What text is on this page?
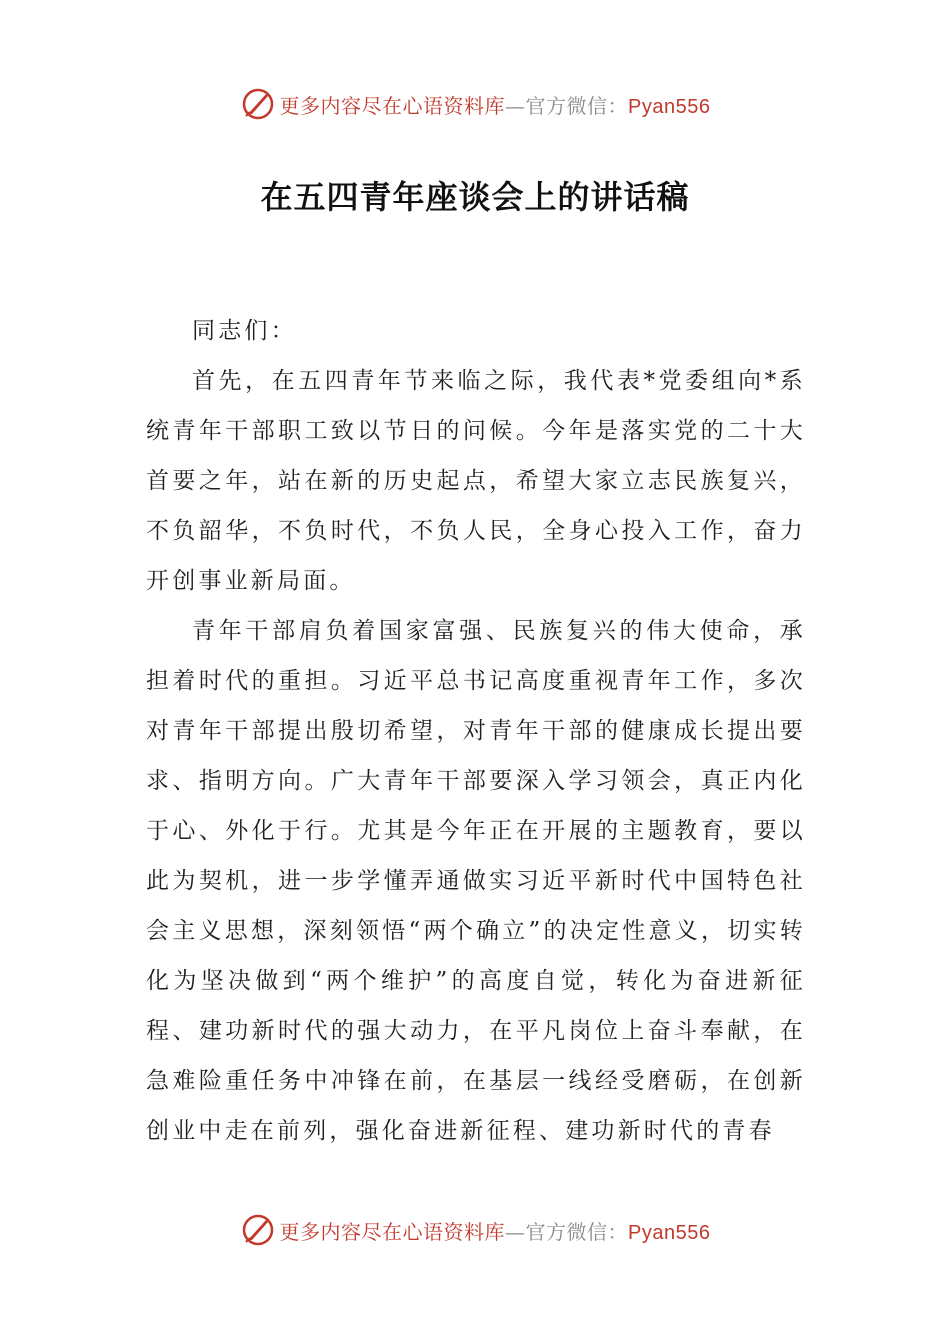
更多内容尽在心语资料库—官方微信：Pyan556
在五四青年座谈会上的讲话稿

同志们：

首先，在五四青年节来临之际，我代表*党委组向*系统青年干部职工致以节日的问候。今年是落实党的二十大首要之年，站在新的历史起点，希望大家立志民族复兴，不负韶华，不负时代，不负人民，全身心投入工作，奋力开创事业新局面。

青年干部肩负着国家富强、民族复兴的伟大使命，承担着时代的重担。习近平总书记高度重视青年工作，多次对青年干部提出殷切希望，对青年干部的健康成长提出要求、指明方向。广大青年干部要深入学习领会，真正内化于心、外化于行。尤其是今年正在开展的主题教育，要以此为契机，进一步学懂弄通做实习近平新时代中国特色社会主义思想，深刻领悟“两个确立”的决定性意义，切实转化为坚决做到“两个维护”的高度自觉，转化为奋进新征程、建功新时代的强大动力，在平凡岗位上奋斗奉献，在急难险重任务中冲锋在前，在基层一线经受磨砺，在创新创业中走在前列，强化奋进新征程、建功新时代的青春

更多内容尽在心语资料库—官方微信：Pyan556
